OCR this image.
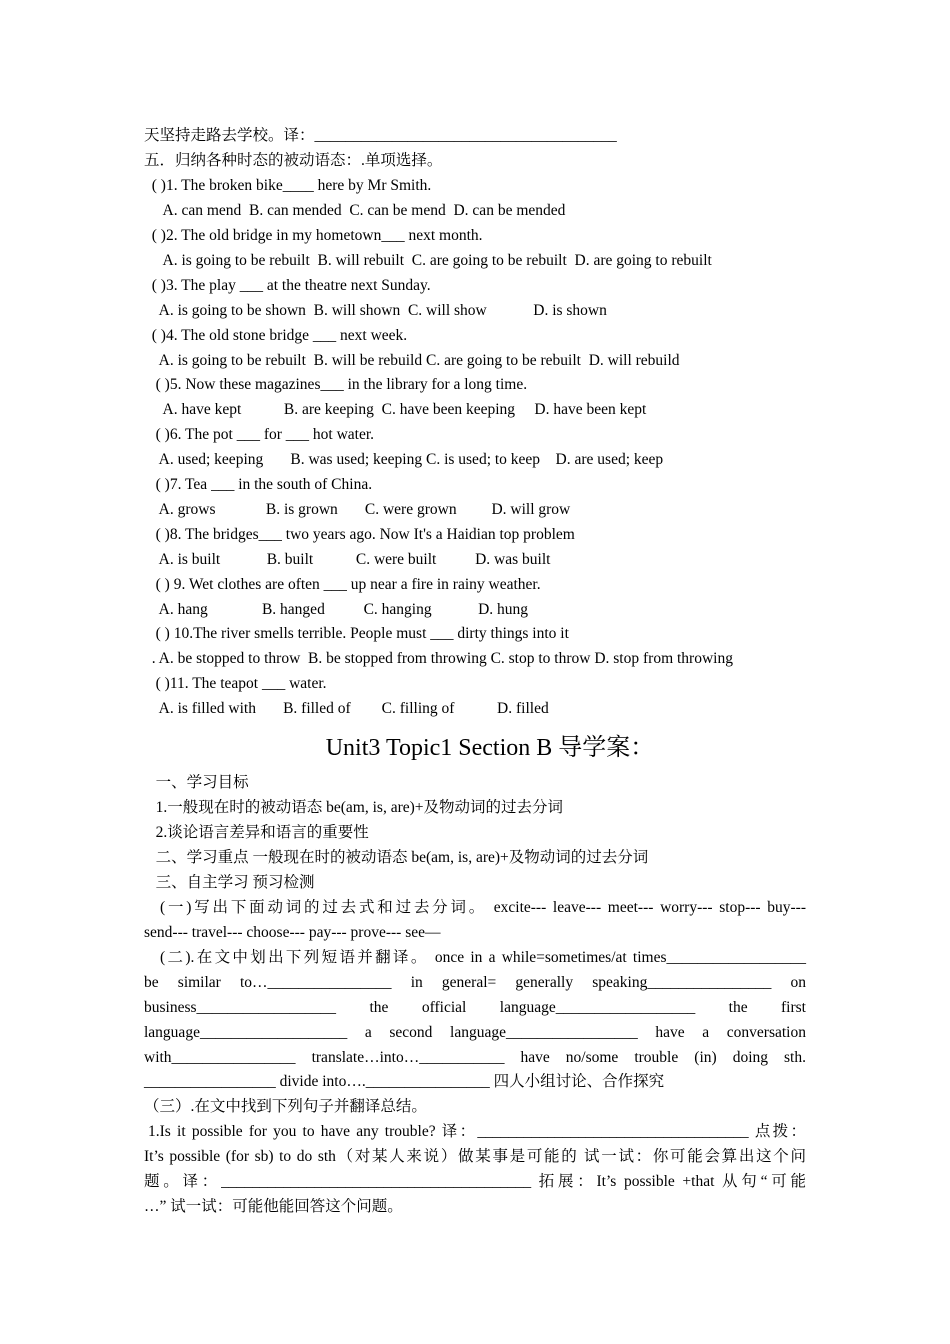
天坚持走路去学校。译：_______________________________________
五．归纳各种时态的被动语态：.单项选择。
( )1. The broken bike____ here by Mr Smith.
A. can mend  B. can mended  C. can be mend  D. can be mended
( )2. The old bridge in my hometown___ next month.
A. is going to be rebuilt  B. will rebuilt  C. are going to be rebuilt  D. are going to rebuilt
( )3. The play ___ at the theatre next Sunday.
A. is going to be shown  B. will shown  C. will show            D. is shown
( )4. The old stone bridge ___ next week.
A. is going to be rebuilt  B. will be rebuild C. are going to be rebuilt  D. will rebuild
( )5. Now these magazines___ in the library for a long time.
A. have kept           B. are keeping  C. have been keeping     D. have been kept
( )6. The pot ___ for ___ hot water.
A. used; keeping       B. was used; keeping C. is used; to keep    D. are used; keep
( )7. Tea ___ in the south of China.
A. grows             B. is grown       C. were grown         D. will grow
( )8. The bridges___ two years ago. Now It's a Haidian top problem
A. is built            B. built           C. were built          D. was built
( ) 9. Wet clothes are often ___ up near a fire in rainy weather.
A. hang              B. hanged          C. hanging            D. hung
( ) 10.The river smells terrible. People must ___ dirty things into it
. A. be stopped to throw  B. be stopped from throwing C. stop to throw D. stop from throwing
( )11. The teapot ___ water.
A. is filled with       B. filled of        C. filling of           D. filled
Unit3 Topic1 Section B 导学案：
一、学习目标
1.一般现在时的被动语态 be(am, is, are)+及物动词的过去分词
2.谈论语言差异和语言的重要性
二、学习重点 一般现在时的被动语态 be(am, is, are)+及物动词的过去分词
三、自主学习 预习检测
(一)写出下面动词的过去式和过去分词。 excite--- leave--- meet--- worry--- stop--- buy---
send--- travel--- choose--- pay--- prove--- see—
(二).在文中划出下列短语并翻译。 once in a while=sometimes/at times__________________
be similar to…________________ in general= generally speaking________________ on
business__________________ the official language__________________ the first
language___________________ a second language_________________ have a conversation
with________________ translate…into…___________ have no/some trouble (in) doing sth.
_________________ divide into….________________ 四人小组讨论、合作探究
（三）.在文中找到下列句子并翻译总结。
1.Is it possible for you to have any trouble? 译：___________________________________ 点拨：
It’s possible (for sb) to do sth（对某人来说）做某事是可能的 试一试：你可能会算出这个问
题。译：________________________________________ 拓展：It’s possible +that 从句“可能
…” 试一试：可能他能回答这个问题。
